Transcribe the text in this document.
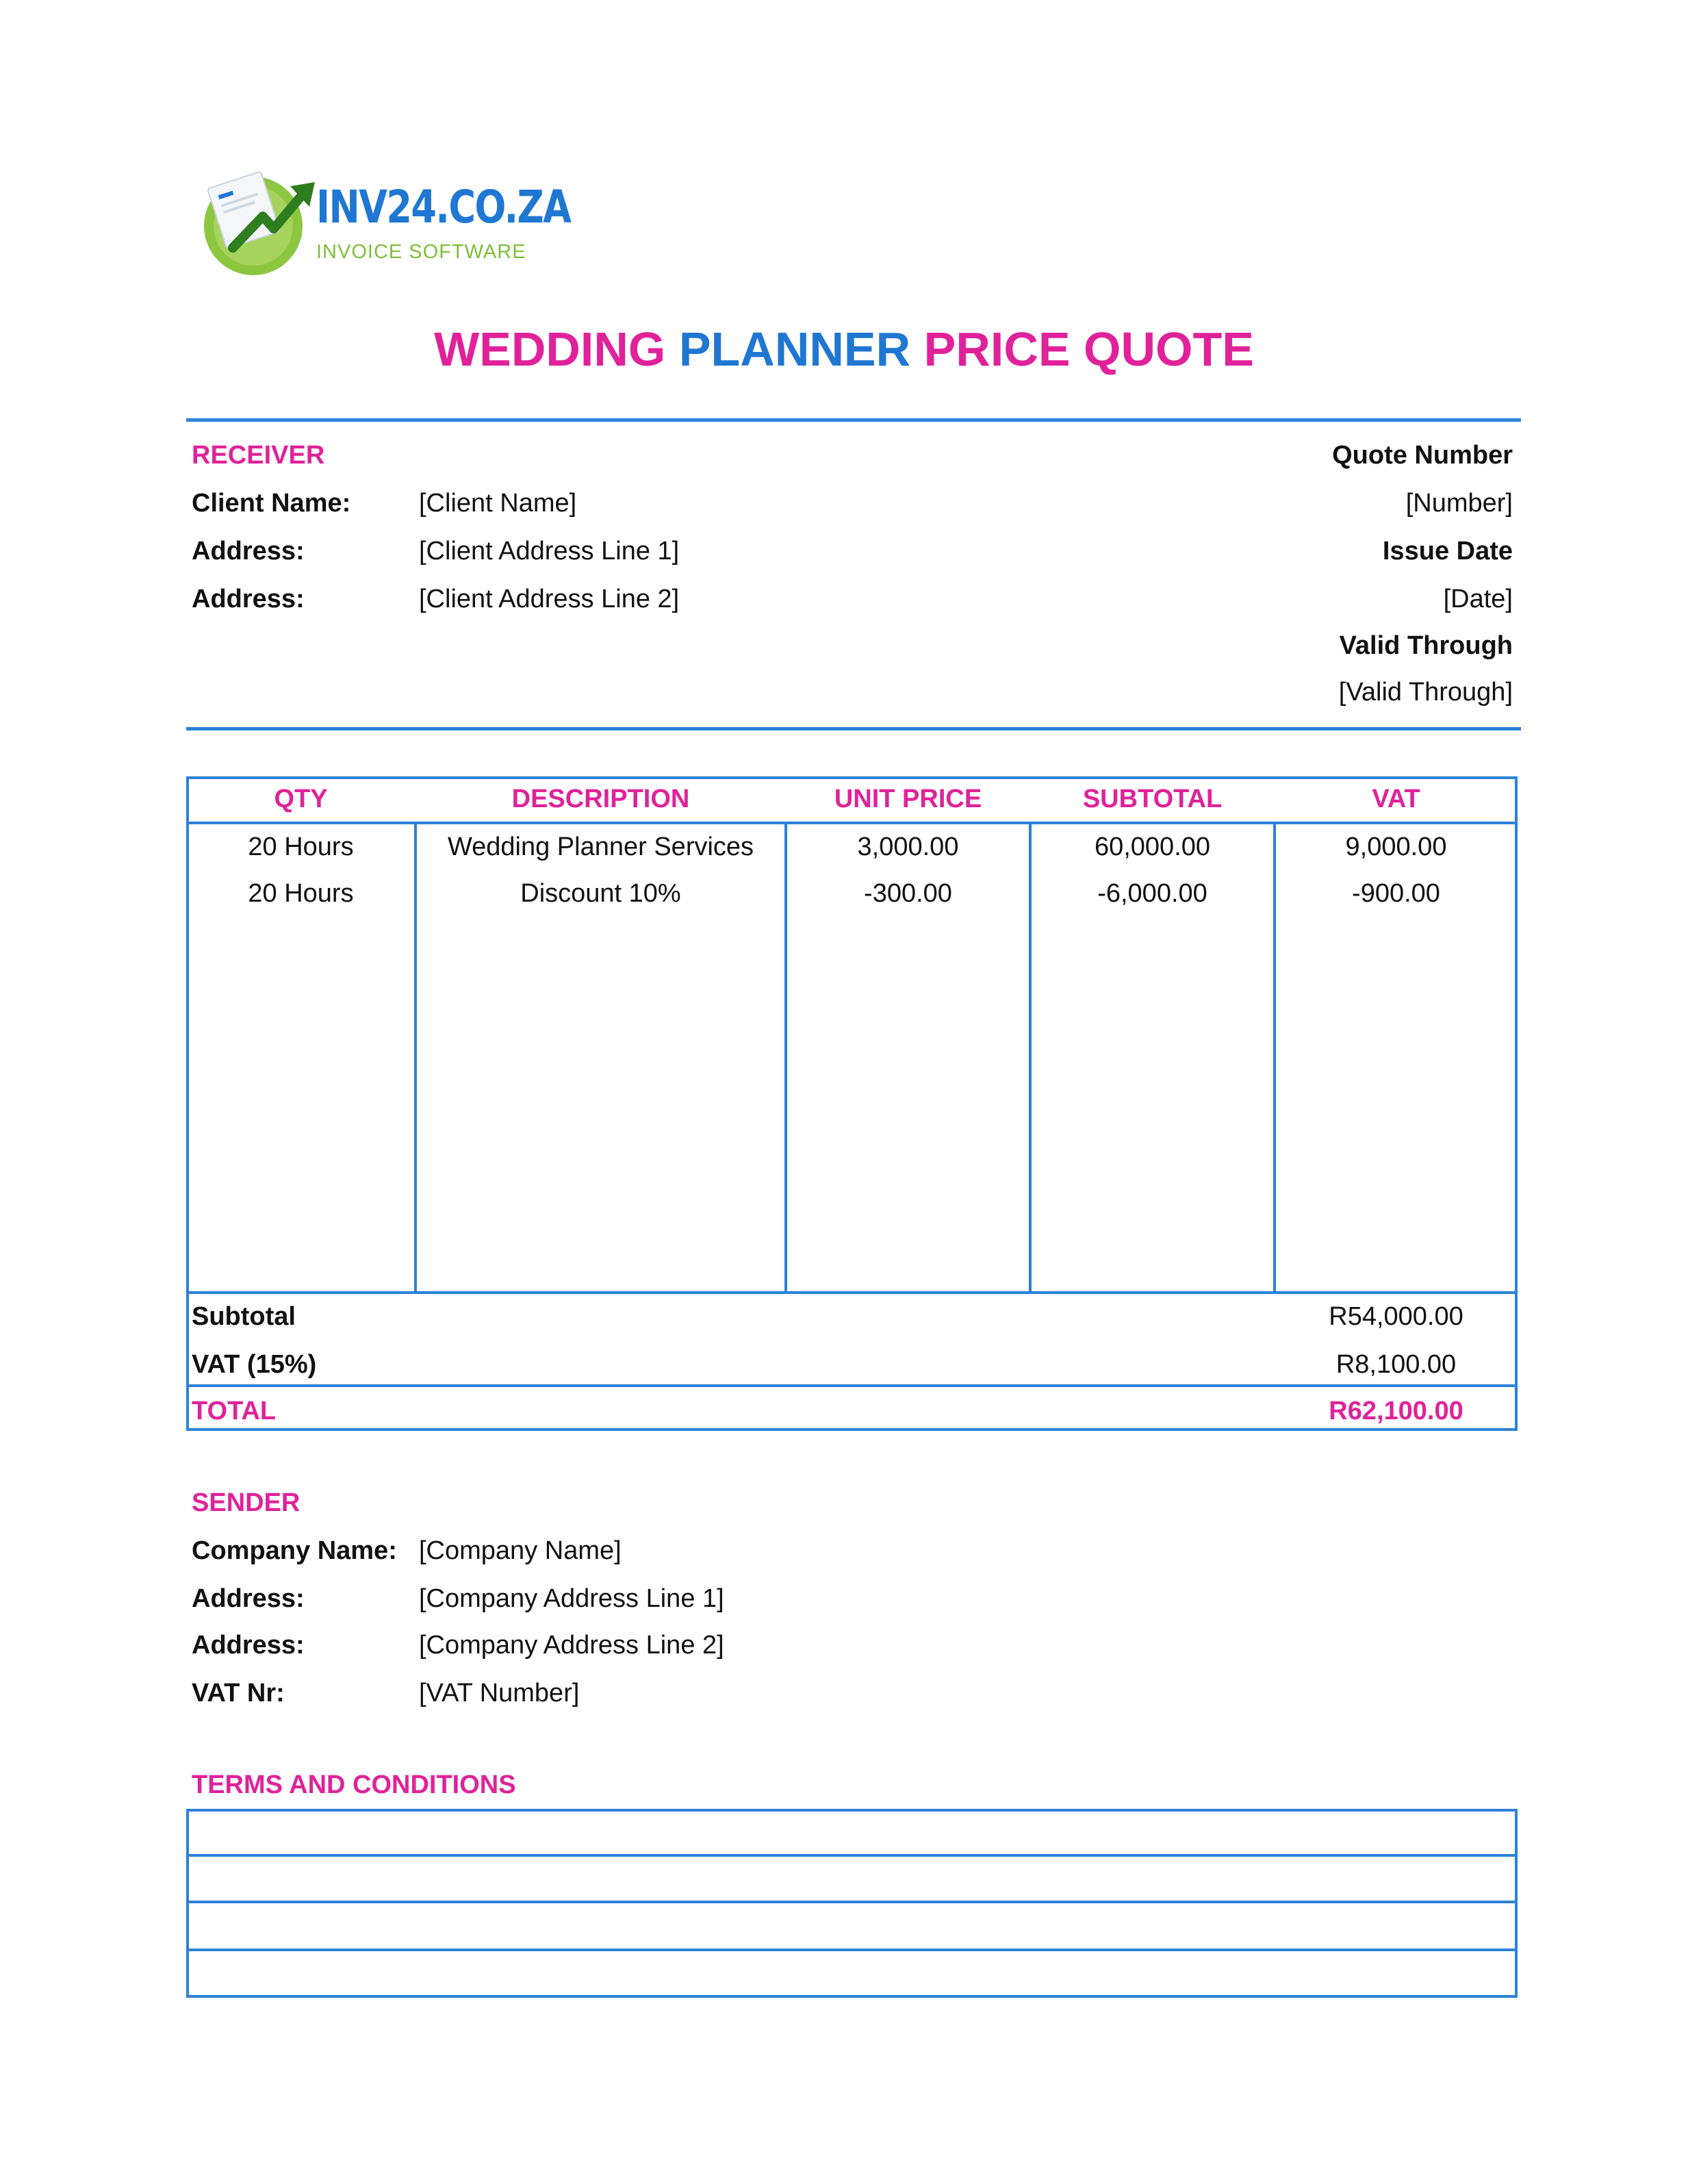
INV24.CO.ZA
INVOICE SOFTWARE
WEDDING PLANNER PRICE QUOTE
RECEIVER
Client Name:	[Client Name]
Address:	[Client Address Line 1]
Address:	[Client Address Line 2]
Quote Number
[Number]
Issue Date
[Date]
Valid Through
[Valid Through]
QTY	DESCRIPTION	UNIT PRICE	SUBTOTAL	VAT
20 Hours	Wedding Planner Services	3,000.00	60,000.00	9,000.00
20 Hours	Discount 10%	-300.00	-6,000.00	-900.00
Subtotal	R54,000.00
VAT (15%)	R8,100.00
TOTAL	R62,100.00
SENDER
Company Name: [Company Name]
Address:	[Company Address Line 1]
Address:	[Company Address Line 2]
VAT Nr:	[VAT Number]
TERMS AND CONDITIONS
